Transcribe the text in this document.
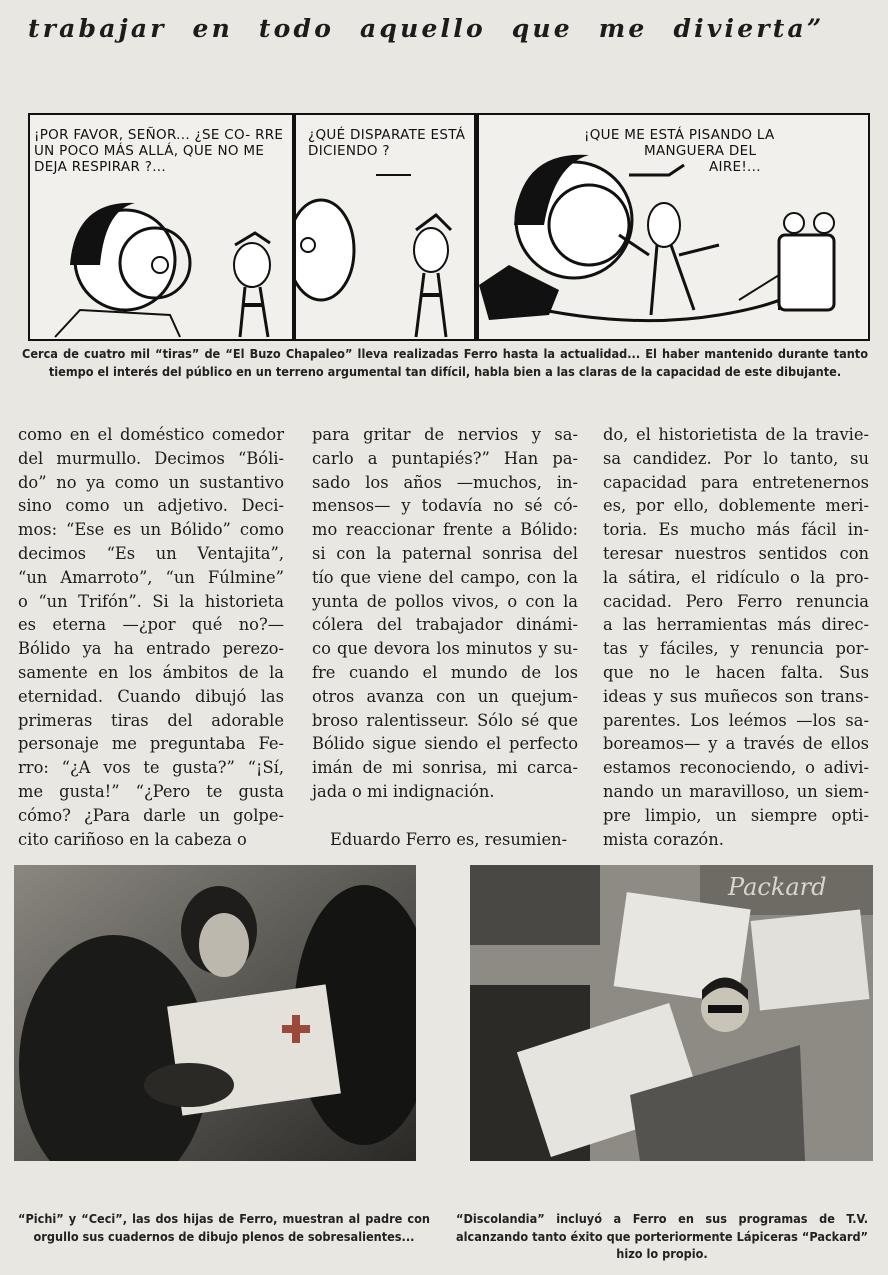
trabajar en todo aquello que me divierta”
¡POR FAVOR, SEÑOR... ¿SE CO- RRE UN POCO MÁS ALLÁ, QUE NO ME DEJA RESPIRAR ?...
¿QUÉ DISPARATE ESTÁ DICIENDO ?
¡QUE ME ESTÁ PISANDO LA
MANGUERA DEL
AIRE!...
Cerca de cuatro mil “tiras” de “El Buzo Chapaleo” lleva realizadas Ferro hasta la actualidad... El haber mantenido durante tanto tiempo el interés del público en un terreno argumental tan difícil, habla bien a las claras de la capacidad de este dibujante.
como en el doméstico comedor
del murmullo. Decimos “Bóli-
do” no ya como un sustantivo
sino como un adjetivo. Deci-
mos: “Ese es un Bólido” como
decimos “Es un Ventajita”,
“un Amarroto”, “un Fúlmine”
o “un Trifón”. Si la historieta
es eterna —¿por qué no?—
Bólido ya ha entrado perezo-
samente en los ámbitos de la
eternidad. Cuando dibujó las
primeras tiras del adorable
personaje me preguntaba Fe-
rro: “¿A vos te gusta?” “¡Sí,
me gusta!” “¿Pero te gusta
cómo? ¿Para darle un golpe-
cito cariñoso en la cabeza o
para gritar de nervios y sa-
carlo a puntapiés?” Han pa-
sado los años —muchos, in-
mensos— y todavía no sé có-
mo reaccionar frente a Bólido:
si con la paternal sonrisa del
tío que viene del campo, con la
yunta de pollos vivos, o con la
cólera del trabajador dinámi-
co que devora los minutos y su-
fre cuando el mundo de los
otros avanza con un quejum-
broso ralentisseur. Sólo sé que
Bólido sigue siendo el perfecto
imán de mi sonrisa, mi carca-
jada o mi indignación.
Eduardo Ferro es, resumien-
do, el historietista de la travie-
sa candidez. Por lo tanto, su
capacidad para entretenernos
es, por ello, doblemente meri-
toria. Es mucho más fácil in-
teresar nuestros sentidos con
la sátira, el ridículo o la pro-
cacidad. Pero Ferro renuncia
a las herramientas más direc-
tas y fáciles, y renuncia por-
que no le hacen falta. Sus
ideas y sus muñecos son trans-
parentes. Los leémos —los sa-
boreamos— y a través de ellos
estamos reconociendo, o adivi-
nando un maravilloso, un siem-
pre limpio, un siempre opti-
mista corazón.
“Pichi” y “Ceci”, las dos hijas de Ferro, muestran al padre con orgullo sus cuadernos de dibujo plenos de sobresalientes...
Packard
“Discolandia” incluyó a Ferro en sus programas de T.V. alcanzando tanto éxito que porteriormente Lápiceras “Packard” hizo lo propio.
